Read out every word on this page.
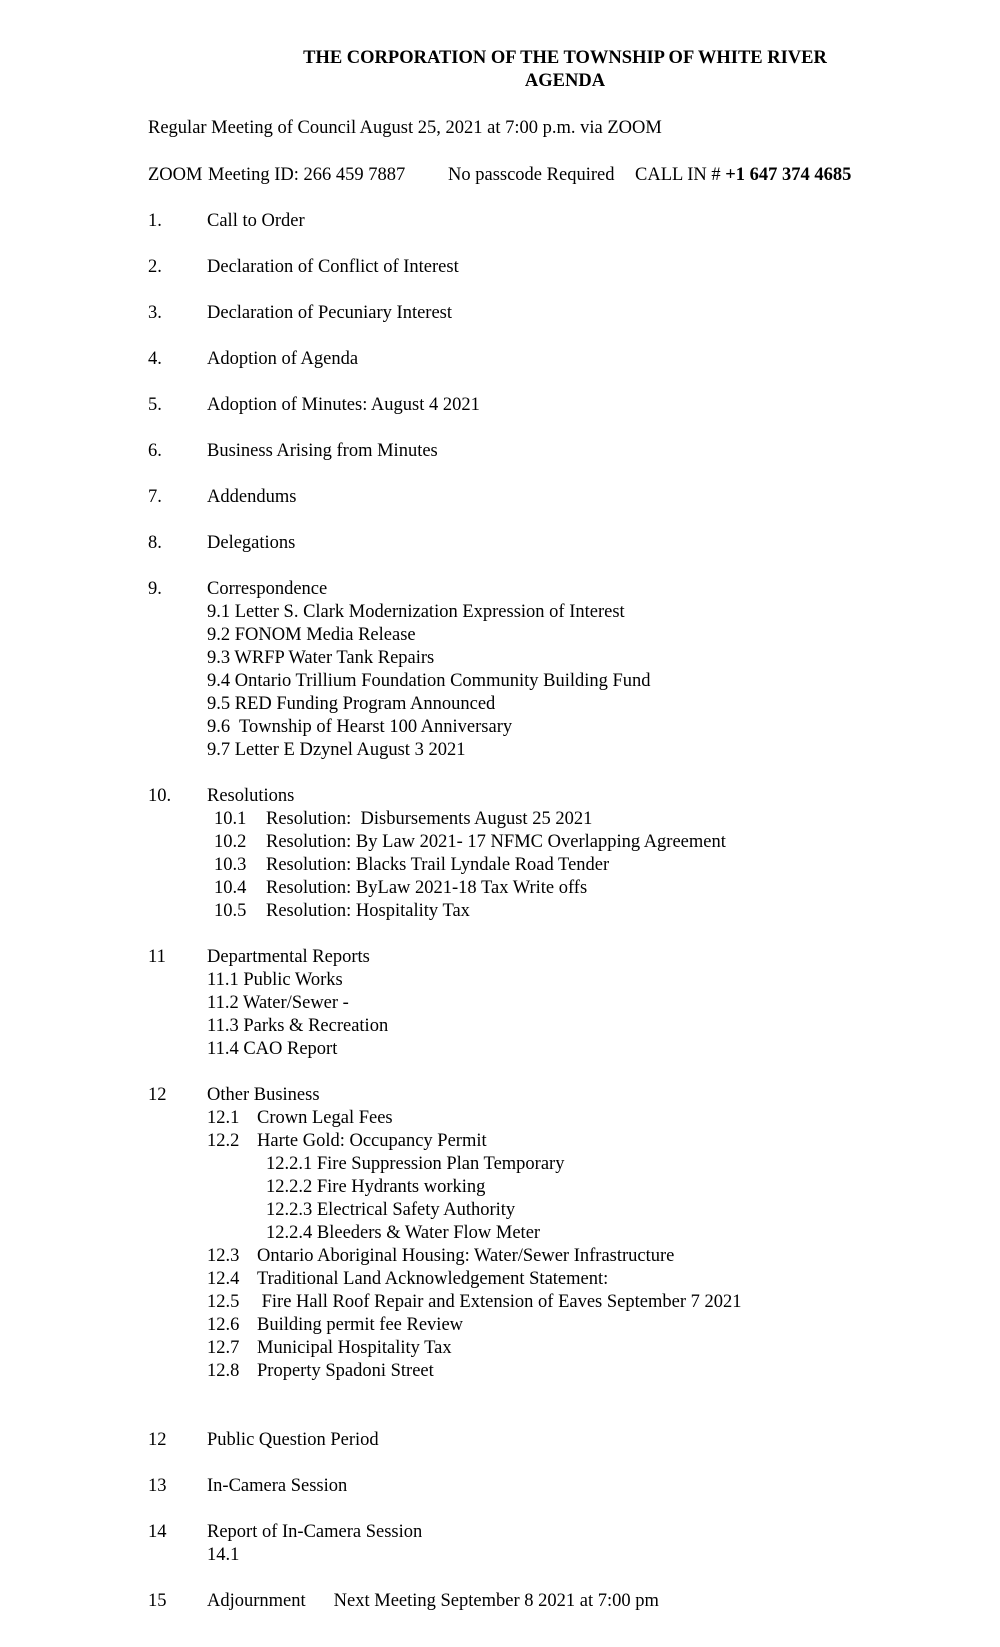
THE CORPORATION OF THE TOWNSHIP OF WHITE RIVER
AGENDA
Regular Meeting of Council August 25, 2021 at 7:00 p.m. via ZOOM
ZOOM Meeting ID: 266 459 7887 No passcode Required CALL IN # +1 647 374 4685
1.	Call to Order
2.	Declaration of Conflict of Interest
3.	Declaration of Pecuniary Interest
4.	Adoption of Agenda
5.	Adoption of Minutes: August 4 2021
6.	Business Arising from Minutes
7.	Addendums
8.	Delegations
9.	Correspondence
9.1 Letter S. Clark Modernization Expression of Interest
9.2 FONOM Media Release
9.3 WRFP Water Tank Repairs
9.4 Ontario Trillium Foundation Community Building Fund
9.5 RED Funding Program Announced
9.6  Township of Hearst 100 Anniversary
9.7 Letter E Dzynel August 3 2021
10.	Resolutions
10.1	Resolution:  Disbursements August 25 2021
10.2	Resolution: By Law 2021- 17 NFMC Overlapping Agreement
10.3	Resolution: Blacks Trail Lyndale Road Tender
10.4	Resolution: ByLaw 2021-18 Tax Write offs
10.5	Resolution: Hospitality Tax
11	Departmental Reports
11.1 Public Works
11.2 Water/Sewer -
11.3 Parks & Recreation
11.4 CAO Report
12	Other Business
12.1 Crown Legal Fees
12.2 Harte Gold: Occupancy Permit
12.2.1 Fire Suppression Plan Temporary
12.2.2 Fire Hydrants working
12.2.3 Electrical Safety Authority
12.2.4 Bleeders & Water Flow Meter
12.3 Ontario Aboriginal Housing: Water/Sewer Infrastructure
12.4 Traditional Land Acknowledgement Statement:
12.5 Fire Hall Roof Repair and Extension of Eaves September 7 2021
12.6 Building permit fee Review
12.7 Municipal Hospitality Tax
12.8 Property Spadoni Street
12	Public Question Period
13	In-Camera Session
14	Report of In-Camera Session
14.1
15	Adjournment Next Meeting September 8 2021 at 7:00 pm
